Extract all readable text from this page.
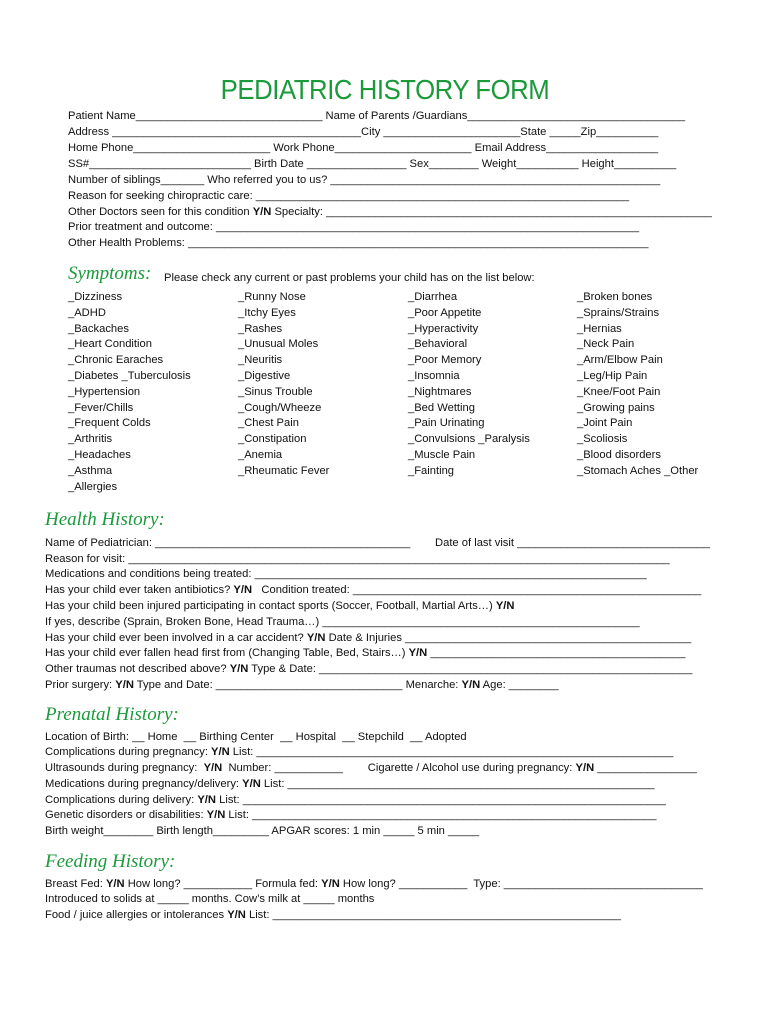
PEDIATRIC HISTORY FORM
Patient Name______________________________ Name of Parents /Guardians___________________________________
Address ________________________________________City ______________________State _____Zip__________
Home Phone______________________ Work Phone______________________ Email Address__________________
SS#__________________________ Birth Date ________________ Sex________ Weight__________ Height__________
Number of siblings_______ Who referred you to us? _____________________________________________________
Reason for seeking chiropractic care: ____________________________________________________________
Other Doctors seen for this condition Y/N Specialty: ______________________________________________________________
Prior treatment and outcome: ____________________________________________________________________
Other Health Problems: __________________________________________________________________________
Symptoms: Please check any current or past problems your child has on the list below:
_Dizziness
_ADHD
_Backaches
_Heart Condition
_Chronic Earaches
_Diabetes _Tuberculosis
_Hypertension
_Fever/Chills
_Frequent Colds
_Arthritis
_Headaches
_Asthma
_Allergies
_Runny Nose
_Itchy Eyes
_Rashes
_Unusual Moles
_Neuritis
_Digestive
_Sinus Trouble
_Cough/Wheeze
_Chest Pain
_Constipation
_Anemia
_Rheumatic Fever
_Diarrhea
_Poor Appetite
_Hyperactivity
_Behavioral
_Poor Memory
_Insomnia
_Nightmares
_Bed Wetting
_Pain Urinating
_Convulsions _Paralysis
_Muscle Pain
_Fainting
_Broken bones
_Sprains/Strains
_Hernias
_Neck Pain
_Arm/Elbow Pain
_Leg/Hip Pain
_Knee/Foot Pain
_Growing pains
_Joint Pain
_Scoliosis
_Blood disorders
_Stomach Aches _Other
Health History:
Name of Pediatrician: _________________________________________        Date of last visit _______________________________
Reason for visit: _______________________________________________________________________________________
Medications and conditions being treated: _______________________________________________________________
Has your child ever taken antibiotics? Y/N   Condition treated: ________________________________________________________
Has your child been injured participating in contact sports (Soccer, Football, Martial Arts…) Y/N
If yes, describe (Sprain, Broken Bone, Head Trauma…) ___________________________________________________
Has your child ever been involved in a car accident? Y/N Date & Injuries ______________________________________________
Has your child ever fallen head first from (Changing Table, Bed, Stairs…) Y/N _________________________________________
Other traumas not described above? Y/N Type & Date: ____________________________________________________________
Prior surgery: Y/N Type and Date: ______________________________ Menarche: Y/N Age: ________
Prenatal History:
Location of Birth: __ Home  __ Birthing Center  __ Hospital  __ Stepchild  __ Adopted
Complications during pregnancy: Y/N List: ___________________________________________________________________
Ultrasounds during pregnancy:  Y/N  Number: ___________        Cigarette / Alcohol use during pregnancy: Y/N ________________
Medications during pregnancy/delivery: Y/N List: ___________________________________________________________
Complications during delivery: Y/N List: ____________________________________________________________________
Genetic disorders or disabilities: Y/N List: _________________________________________________________________
Birth weight________ Birth length_________ APGAR scores: 1 min _____ 5 min _____
Feeding History:
Breast Fed: Y/N How long? ___________ Formula fed: Y/N How long? ___________  Type: ________________________________
Introduced to solids at _____ months. Cow’s milk at _____ months
Food / juice allergies or intolerances Y/N List: ________________________________________________________
